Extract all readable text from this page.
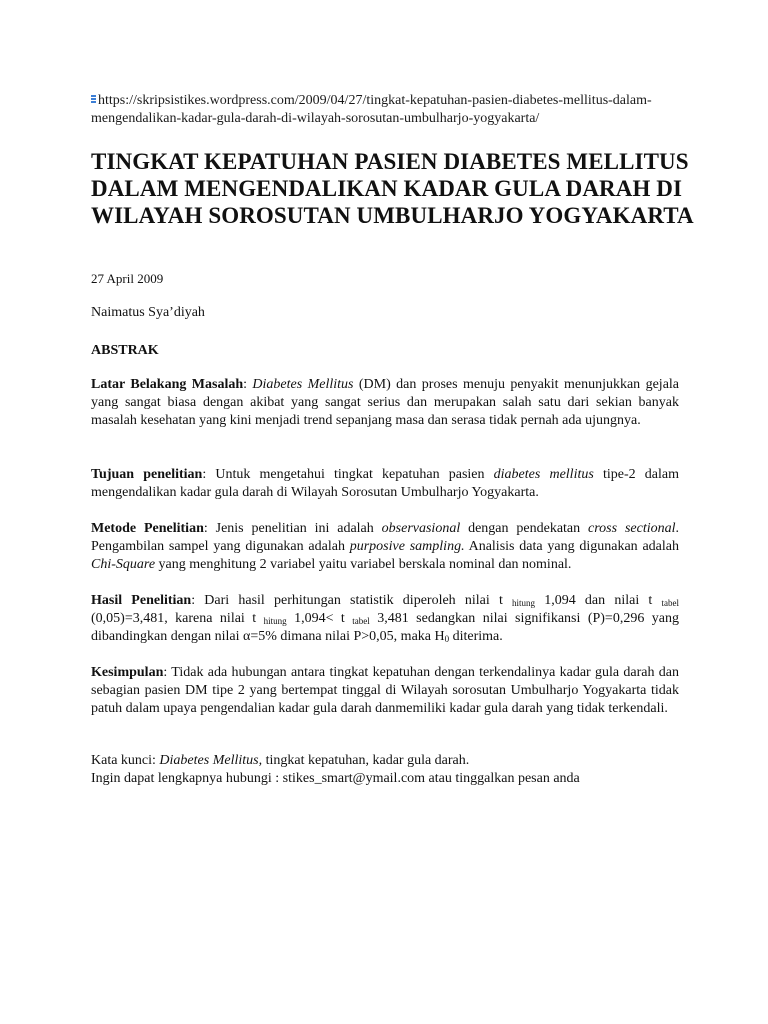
https://skripsistikes.wordpress.com/2009/04/27/tingkat-kepatuhan-pasien-diabetes-mellitus-dalam-mengendalikan-kadar-gula-darah-di-wilayah-sorosutan-umbulharjo-yogyakarta/
TINGKAT KEPATUHAN PASIEN DIABETES MELLITUS DALAM MENGENDALIKAN KADAR GULA DARAH DI WILAYAH SOROSUTAN UMBULHARJO YOGYAKARTA
27 April 2009
Naimatus Sya’diyah
ABSTRAK

Latar Belakang Masalah: Diabetes Mellitus (DM) dan proses menuju penyakit menunjukkan gejala yang sangat biasa dengan akibat yang sangat serius dan merupakan salah satu dari sekian banyak masalah kesehatan yang kini menjadi trend sepanjang masa dan serasa tidak pernah ada ujungnya.

Tujuan penelitian: Untuk mengetahui tingkat kepatuhan pasien diabetes mellitus tipe-2 dalam mengendalikan kadar gula darah di Wilayah Sorosutan Umbulharjo Yogyakarta.

Metode Penelitian: Jenis penelitian ini adalah observasional dengan pendekatan cross sectional. Pengambilan sampel yang digunakan adalah purposive sampling. Analisis data yang digunakan adalah Chi-Square yang menghitung 2 variabel yaitu variabel berskala nominal dan nominal.

Hasil Penelitian: Dari hasil perhitungan statistik diperoleh nilai t $_{hitung}$ 1,094 dan nilai t $_{tabel}$ (0,05)=3,481, karena nilai t $_{hitung}$ 1,094< t $_{tabel}$ 3,481 sedangkan nilai signifikansi (P)=0,296 yang dibandingkan dengan nilai α=5% dimana nilai P>0,05, maka $H_0$ diterima.

Kesimpulan: Tidak ada hubungan antara tingkat kepatuhan dengan terkendalinya kadar gula darah dan sebagian pasien DM tipe 2 yang bertempat tinggal di Wilayah sorosutan Umbulharjo Yogyakarta tidak patuh dalam upaya pengendalian kadar gula darah danmemiliki kadar gula darah yang tidak terkendali.

Kata kunci: Diabetes Mellitus, tingkat kepatuhan, kadar gula darah.
Ingin dapat lengkapnya hubungi : stikes_smart@ymail.com atau tinggalkan pesan anda
